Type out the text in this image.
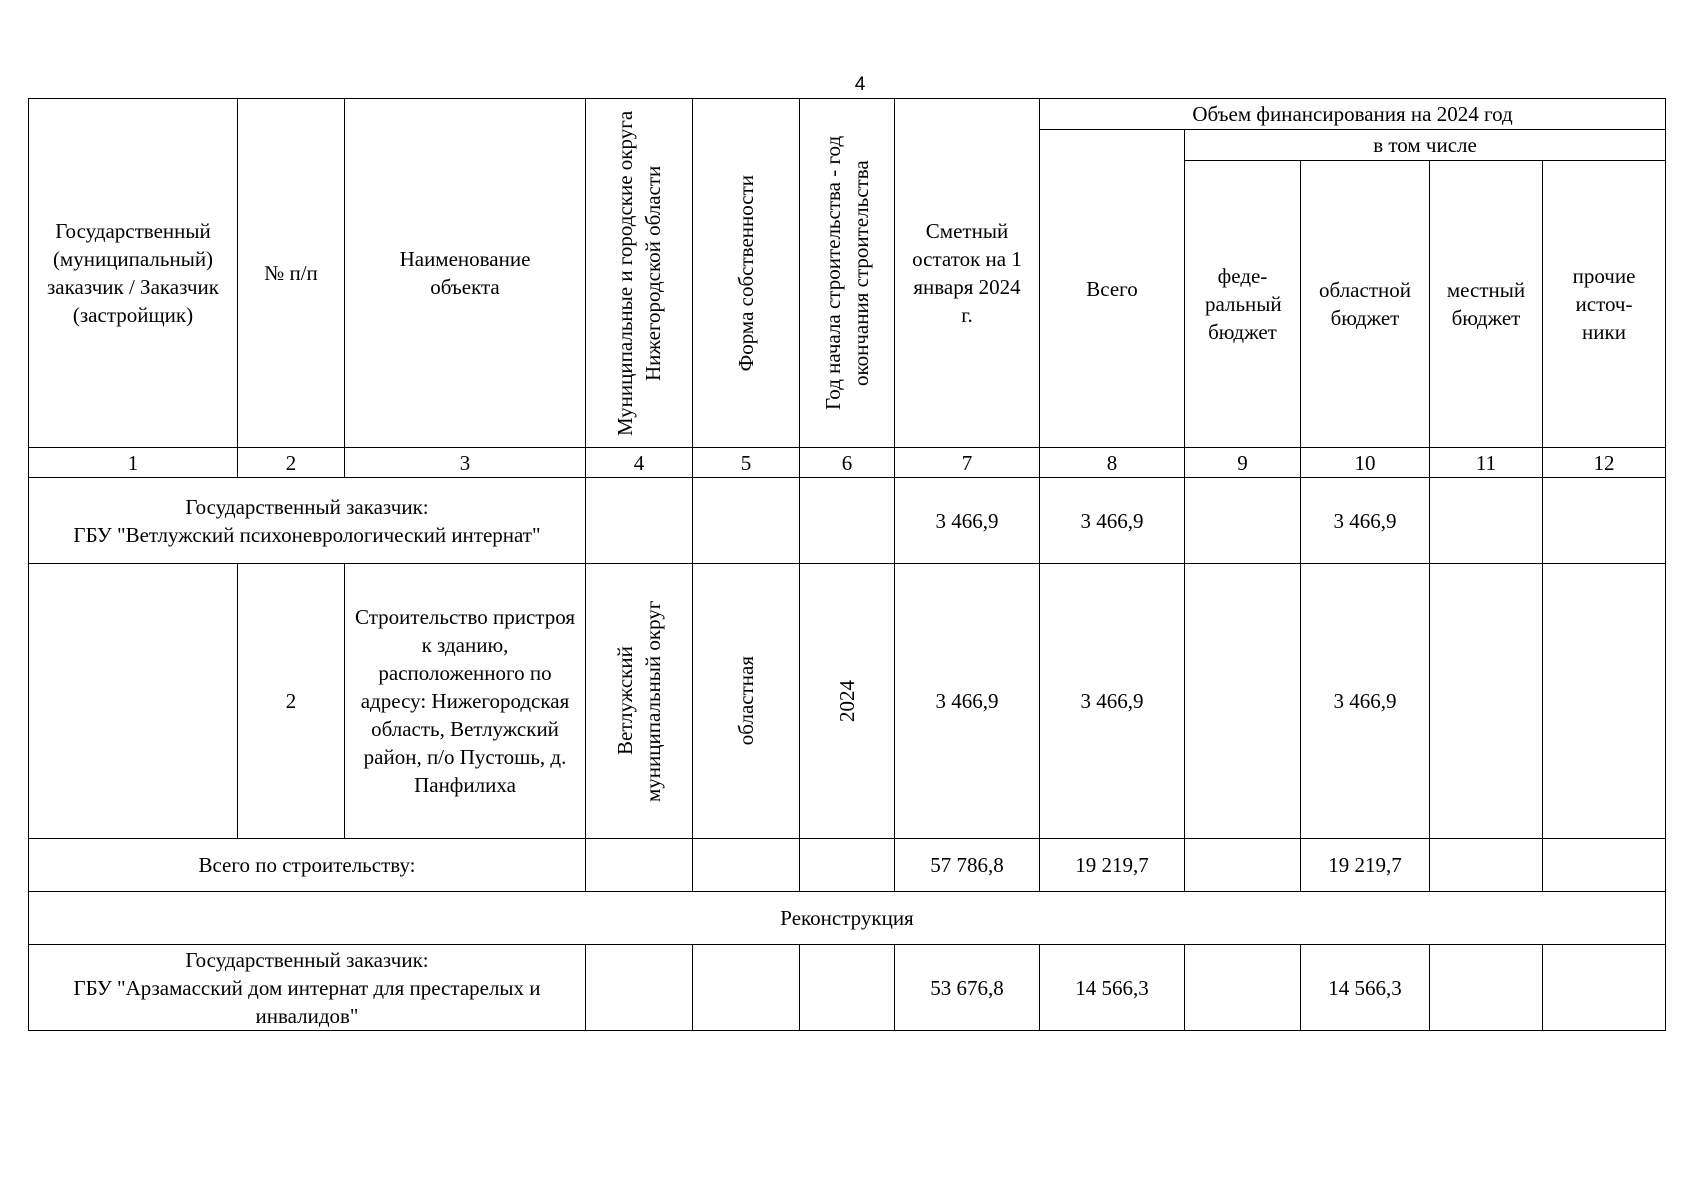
4
Государственный (муниципальный) заказчик / Заказчик (застройщик)	№ п/п	Наименование объекта	Муниципальные и городские округа Нижегородской области	Форма собственности	Год начала строительства - год окончания строительства	Сметный остаток на 1 января 2024 г.	Объем финансирования на 2024 год				
							Всего	в том числе			
								феде-ральный бюджет	областной бюджет	местный бюджет	прочие источ-ники
1	2	3	4	5	6	7	8	9	10	11	12

Государственный заказчик:
ГБУ "Ветлужский психоневрологический интернат"						3 466,9	3 466,9		3 466,9		
	2	Строительство пристроя к зданию, расположенного по адресу: Нижегородская область, Ветлужский район, п/о Пустошь, д. Панфилиха	Ветлужский муниципальный округ	областная	2024	3 466,9	3 466,9		3 466,9		
Всего по строительству:						57 786,8	19 219,7		19 219,7		
Реконструкция											

Государственный заказчик:
ГБУ "Арзамасский дом интернат для престарелых и инвалидов"						53 676,8	14 566,3		14 566,3		
